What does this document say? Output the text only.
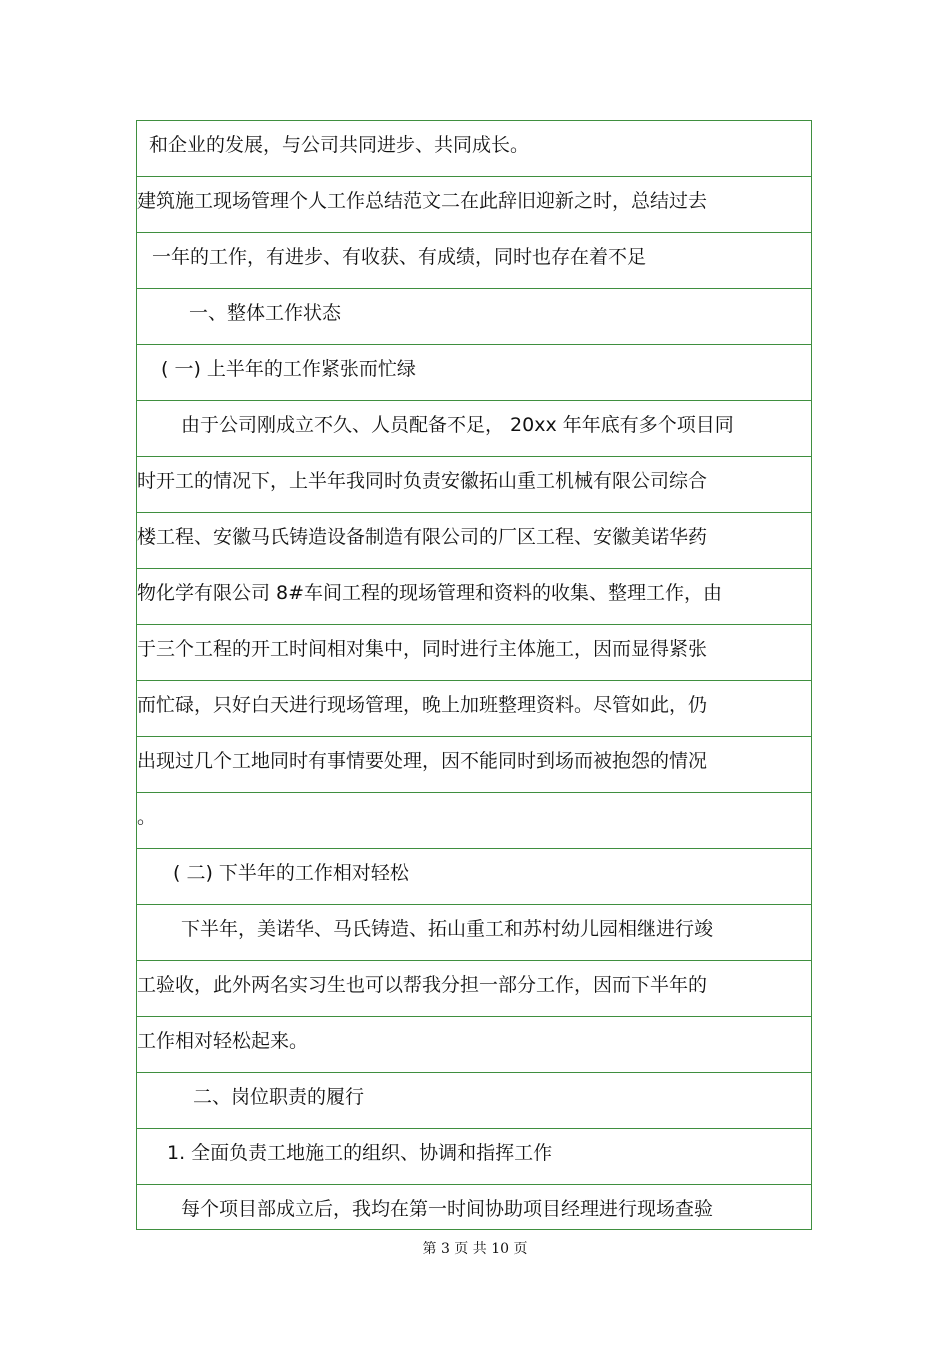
和企业的发展，与公司共同进步、共同成长。
建筑施工现场管理个人工作总结范文二在此辞旧迎新之时，总结过去
一年的工作，有进步、有收获、有成绩，同时也存在着不足
一、整体工作状态
( 一) 上半年的工作紧张而忙绿
由于公司刚成立不久、人员配备不足， 20xx 年年底有多个项目同
时开工的情况下，上半年我同时负责安徽拓山重工机械有限公司综合
楼工程、安徽马氏铸造设备制造有限公司的厂区工程、安徽美诺华药
物化学有限公司 8#车间工程的现场管理和资料的收集、整理工作，由
于三个工程的开工时间相对集中，同时进行主体施工，因而显得紧张
而忙碌，只好白天进行现场管理，晚上加班整理资料。尽管如此，仍
出现过几个工地同时有事情要处理，因不能同时到场而被抱怨的情况
。
( 二) 下半年的工作相对轻松
下半年，美诺华、马氏铸造、拓山重工和苏村幼儿园相继进行竣
工验收，此外两名实习生也可以帮我分担一部分工作，因而下半年的
工作相对轻松起来。
二、岗位职责的履行
1. 全面负责工地施工的组织、协调和指挥工作
每个项目部成立后，我均在第一时间协助项目经理进行现场查验
第 3 页 共 10 页
